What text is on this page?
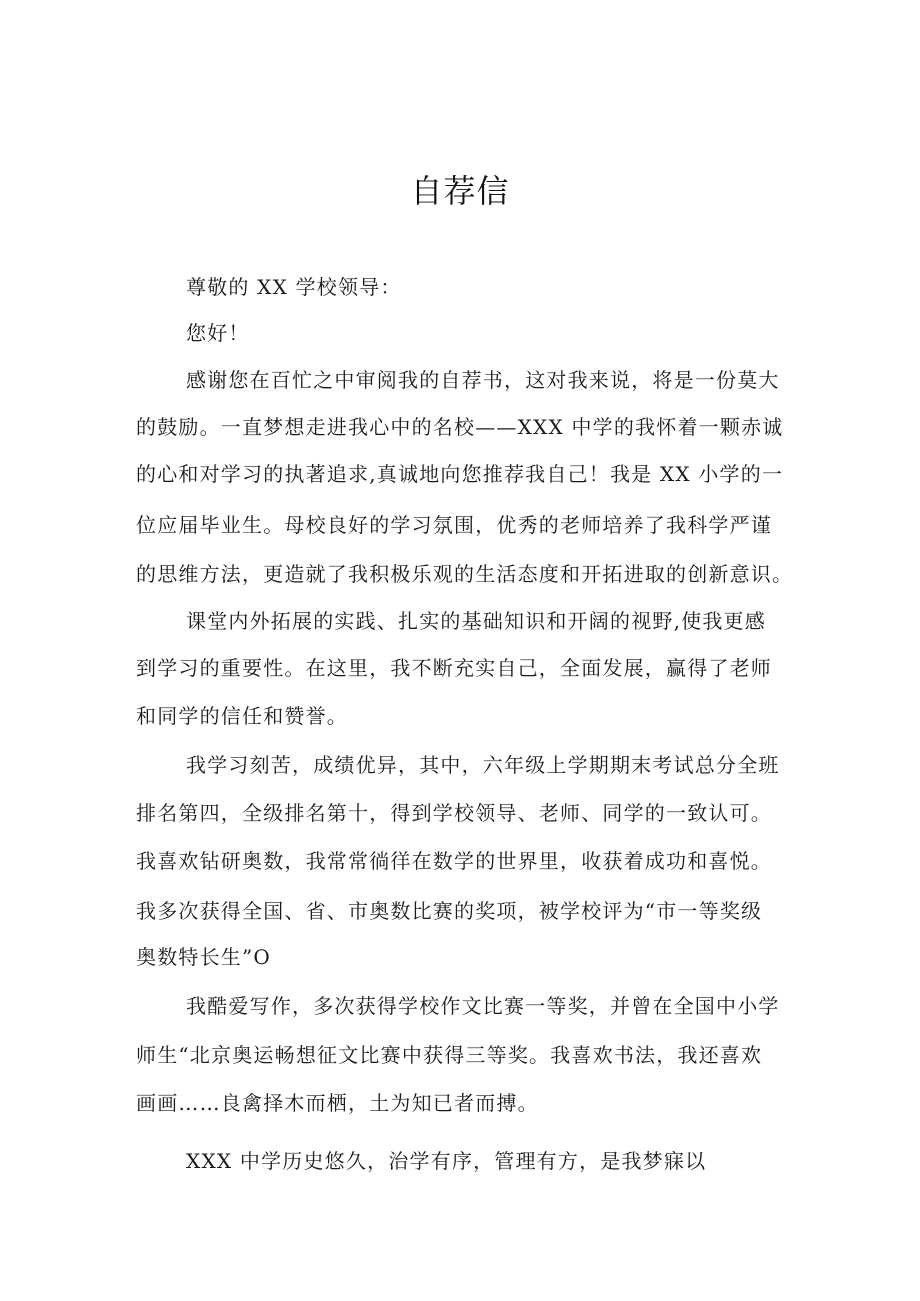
自荐信
尊敬的 XX 学校领导：
您好！
感谢您在百忙之中审阅我的自荐书，这对我来说，将是一份莫大
的鼓励。一直梦想走进我心中的名校——XXX 中学的我怀着一颗赤诚
的心和对学习的执著追求,真诚地向您推荐我自己！我是 XX 小学的一
位应届毕业生。母校良好的学习氛围，优秀的老师培养了我科学严谨
的思维方法，更造就了我积极乐观的生活态度和开拓进取的创新意识。
课堂内外拓展的实践、扎实的基础知识和开阔的视野,使我更感
到学习的重要性。在这里，我不断充实自己，全面发展，赢得了老师
和同学的信任和赞誉。
我学习刻苦，成绩优异，其中，六年级上学期期末考试总分全班
排名第四，全级排名第十，得到学校领导、老师、同学的一致认可。
我喜欢钻研奥数，我常常徜徉在数学的世界里，收获着成功和喜悦。
我多次获得全国、省、市奥数比赛的奖项，被学校评为“市一等奖级
奥数特长生”O
我酷爱写作，多次获得学校作文比赛一等奖，并曾在全国中小学
师生“北京奥运畅想征文比赛中获得三等奖。我喜欢书法，我还喜欢
画画……良禽择木而栖，土为知已者而搏。
XXX 中学历史悠久，治学有序，管理有方，是我梦寐以
